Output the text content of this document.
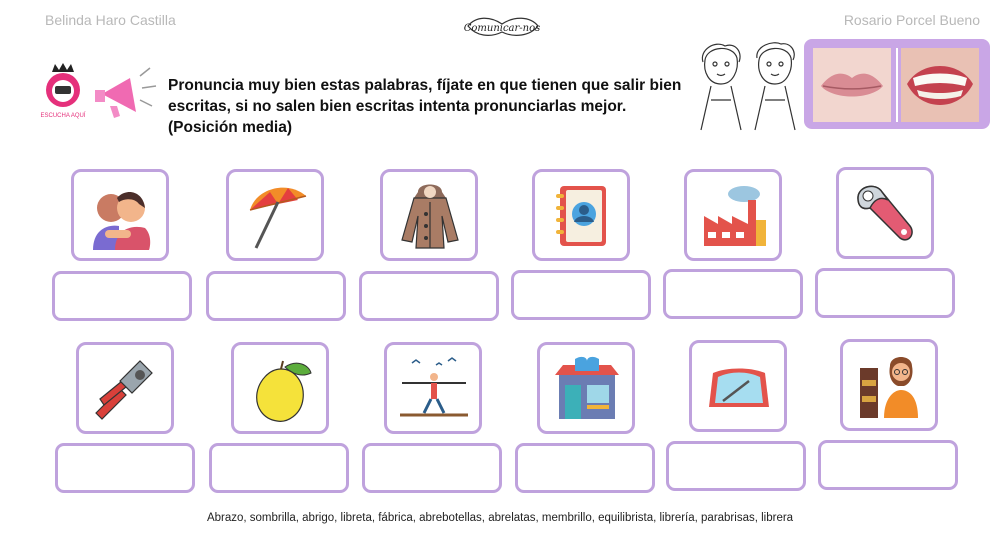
Belinda Haro Castilla	Rosario Porcel Bueno
Comunicar-nos
ESCUCHA AQUÍ
Pronuncia muy bien estas palabras, fíjate en que tienen que salir bien
escritas, si no salen bien escritas intenta pronunciarlas mejor.
(Posición media)
Abrazo, sombrilla, abrigo, libreta, fábrica, abrebotellas, abrelatas, membrillo, equilibrista, librería, parabrisas, librera
